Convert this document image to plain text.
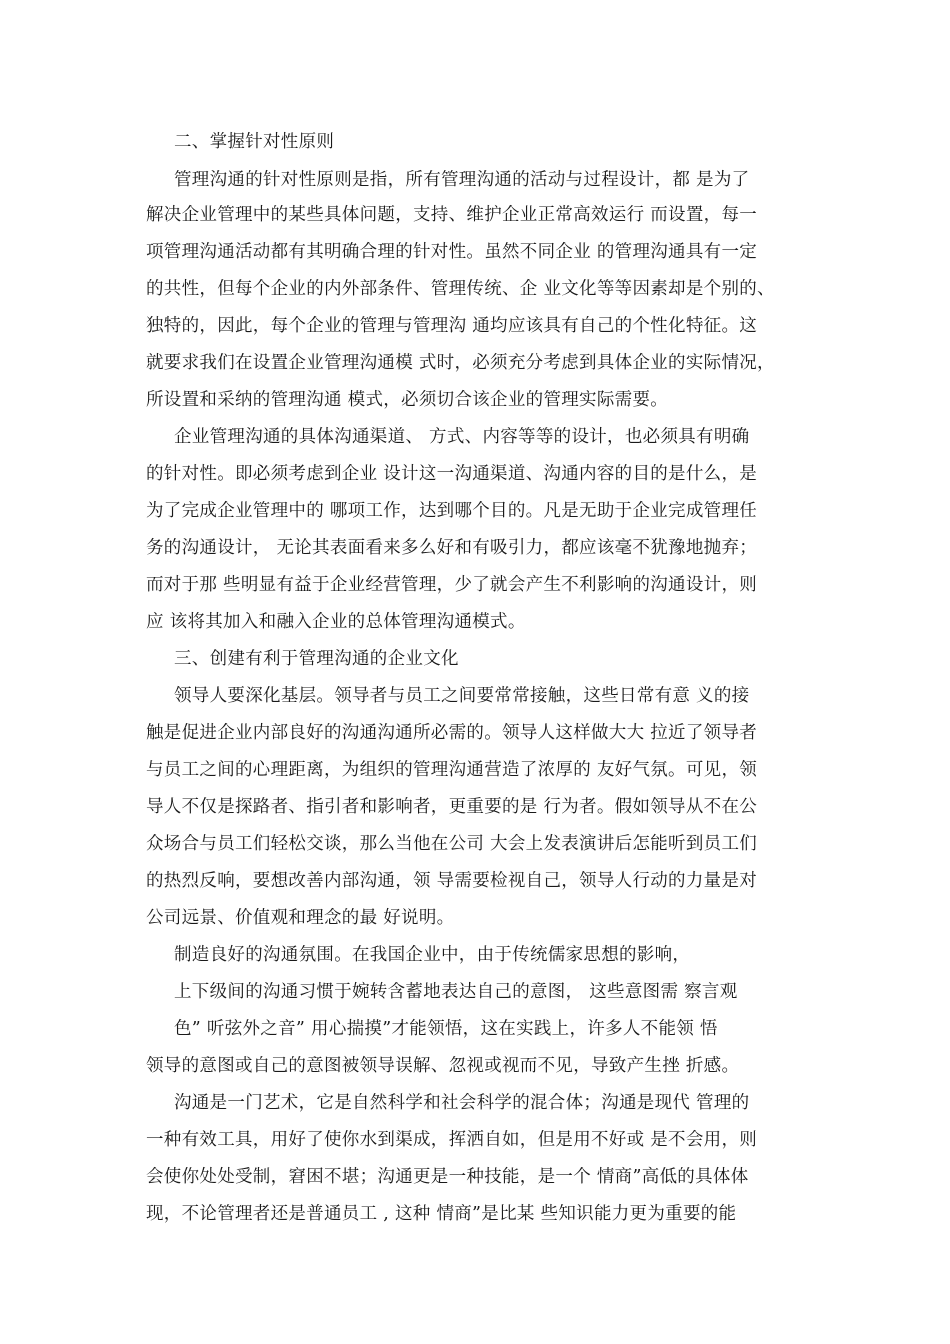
二、掌握针对性原则
管理沟通的针对性原则是指，所有管理沟通的活动与过程设计，都 是为了
解决企业管理中的某些具体问题，支持、维护企业正常高效运行 而设置，每一
项管理沟通活动都有其明确合理的针对性。虽然不同企业 的管理沟通具有一定
的共性，但每个企业的内外部条件、管理传统、企 业文化等等因素却是个别的、
独特的，因此，每个企业的管理与管理沟 通均应该具有自己的个性化特征。这
就要求我们在设置企业管理沟通模 式时，必须充分考虑到具体企业的实际情况，
所设置和采纳的管理沟通 模式，必须切合该企业的管理实际需要。
企业管理沟通的具体沟通渠道、 方式、内容等等的设计，也必须具有明确
的针对性。即必须考虑到企业 设计这一沟通渠道、沟通内容的目的是什么，是
为了完成企业管理中的 哪项工作，达到哪个目的。凡是无助于企业完成管理任
务的沟通设计， 无论其表面看来多么好和有吸引力，都应该毫不犹豫地抛弃；
而对于那 些明显有益于企业经营管理，少了就会产生不利影响的沟通设计，则
应 该将其加入和融入企业的总体管理沟通模式。
三、创建有利于管理沟通的企业文化
领导人要深化基层。领导者与员工之间要常常接触，这些日常有意 义的接
触是促进企业内部良好的沟通沟通所必需的。领导人这样做大大 拉近了领导者
与员工之间的心理距离，为组织的管理沟通营造了浓厚的 友好气氛。可见，领
导人不仅是探路者、指引者和影响者，更重要的是 行为者。假如领导从不在公
众场合与员工们轻松交谈，那么当他在公司 大会上发表演讲后怎能听到员工们
的热烈反响，要想改善内部沟通，领 导需要检视自己，领导人行动的力量是对
公司远景、价值观和理念的最 好说明。
制造良好的沟通氛围。在我国企业中，由于传统儒家思想的影响，
上下级间的沟通习惯于婉转含蓄地表达自己的意图， 这些意图需 察言观
色” 听弦外之音” 用心揣摸”才能领悟，这在实践上，许多人不能领 悟
领导的意图或自己的意图被领导误解、忽视或视而不见，导致产生挫 折感。
沟通是一门艺术，它是自然科学和社会科学的混合体；沟通是现代 管理的
一种有效工具，用好了使你水到渠成，挥洒自如，但是用不好或 是不会用，则
会使你处处受制，窘困不堪；沟通更是一种技能，是一个 情商”高低的具体体
现，不论管理者还是普通员工 , 这种 情商”是比某 些知识能力更为重要的能
